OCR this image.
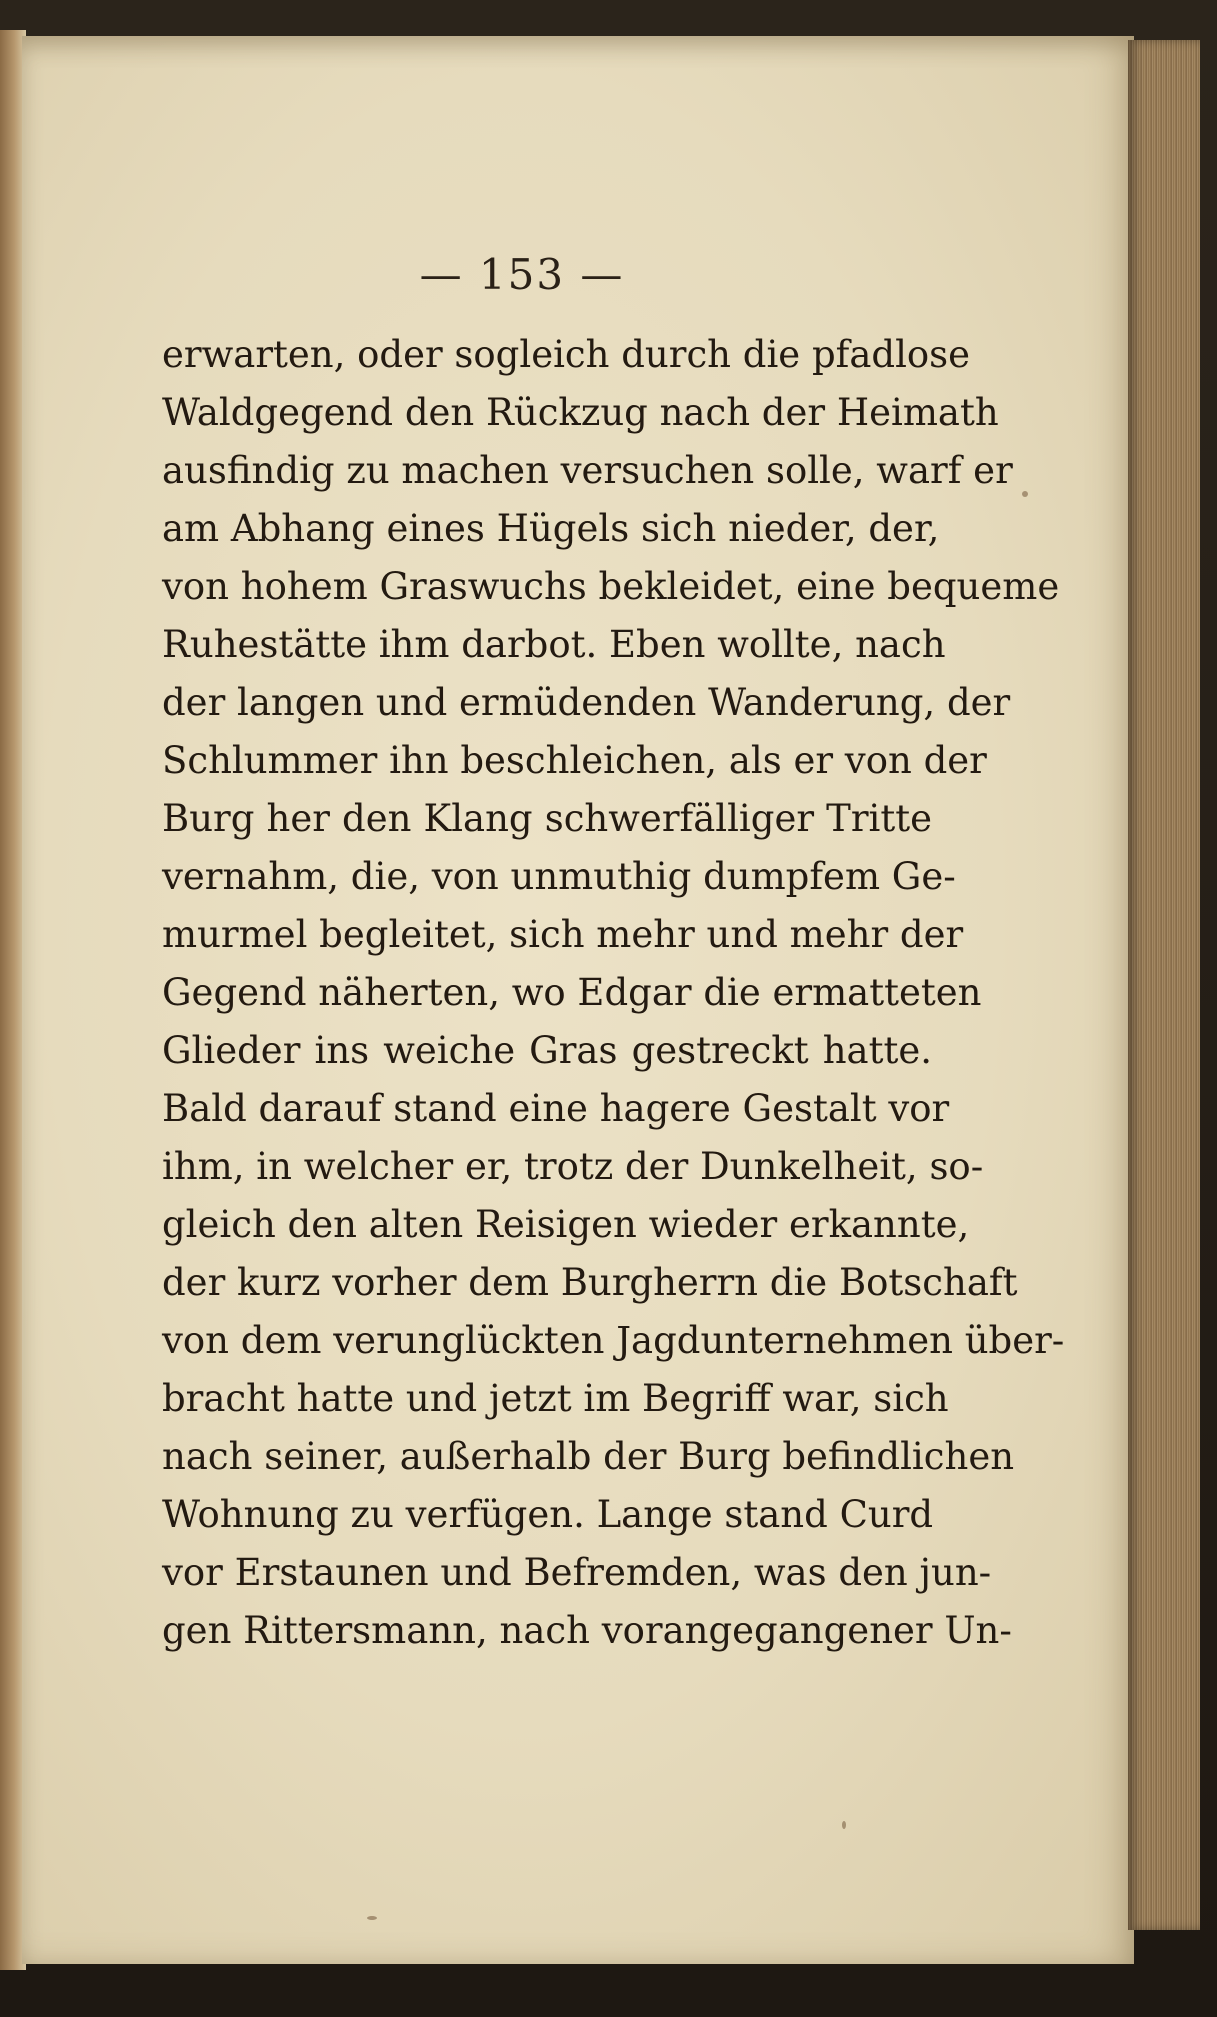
— 153 —
erwarten, oder sogleich durch die pfadlose
Waldgegend den Rückzug nach der Heimath
ausfindig zu machen versuchen solle, warf er
am Abhang eines Hügels sich nieder, der,
von hohem Graswuchs bekleidet, eine bequeme
Ruhestätte ihm darbot. Eben wollte, nach
der langen und ermüdenden Wanderung, der
Schlummer ihn beschleichen, als er von der
Burg her den Klang schwerfälliger Tritte
vernahm, die, von unmuthig dumpfem Ge-
murmel begleitet, sich mehr und mehr der
Gegend näherten, wo Edgar die ermatteten
Glieder ins weiche Gras gestreckt hatte.
Bald darauf stand eine hagere Gestalt vor
ihm, in welcher er, trotz der Dunkelheit, so-
gleich den alten Reisigen wieder erkannte,
der kurz vorher dem Burgherrn die Botschaft
von dem verunglückten Jagdunternehmen über-
bracht hatte und jetzt im Begriff war, sich
nach seiner, außerhalb der Burg befindlichen
Wohnung zu verfügen. Lange stand Curd
vor Erstaunen und Befremden, was den jun-
gen Rittersmann, nach vorangegangener Un-
